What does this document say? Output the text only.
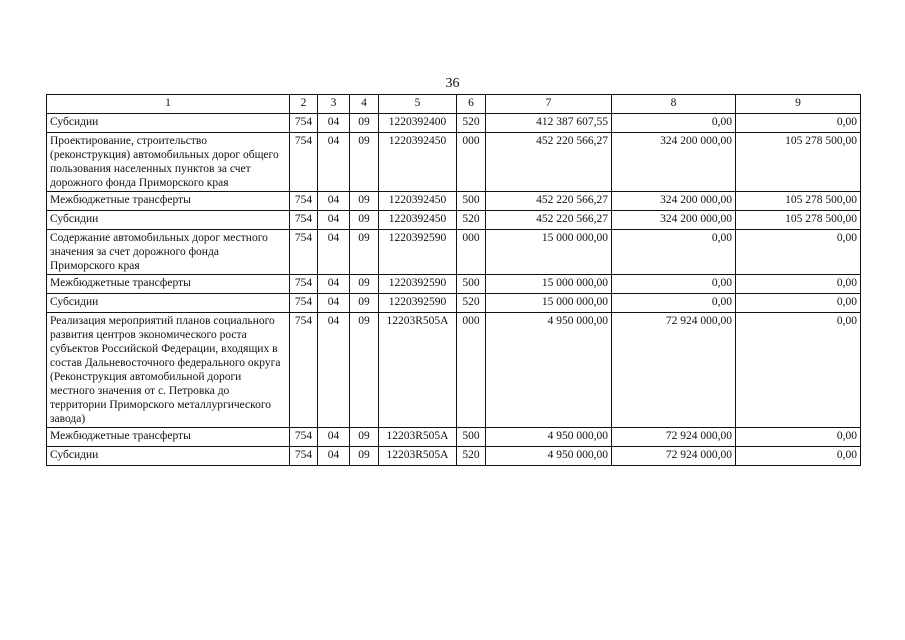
36
1	2	3	4	5	6	7	8	9
Субсидии	754	04	09	1220392400	520	412 387 607,55	0,00	0,00
Проектирование, строительство (реконструкция) автомобильных дорог общего пользования населенных пунктов за счет дорожного фонда Приморского края	754	04	09	1220392450	000	452 220 566,27	324 200 000,00	105 278 500,00
Межбюджетные трансферты	754	04	09	1220392450	500	452 220 566,27	324 200 000,00	105 278 500,00
Субсидии	754	04	09	1220392450	520	452 220 566,27	324 200 000,00	105 278 500,00
Содержание автомобильных дорог местного значения за счет дорожного фонда Приморского края	754	04	09	1220392590	000	15 000 000,00	0,00	0,00
Межбюджетные трансферты	754	04	09	1220392590	500	15 000 000,00	0,00	0,00
Субсидии	754	04	09	1220392590	520	15 000 000,00	0,00	0,00
Реализация мероприятий планов социального развития центров экономического роста субъектов Российской Федерации, входящих в состав Дальневосточного федерального округа (Реконструкция автомобильной дороги местного значения от с. Петровка до территории Приморского металлургического завода)	754	04	09	12203R505A	000	4 950 000,00	72 924 000,00	0,00
Межбюджетные трансферты	754	04	09	12203R505A	500	4 950 000,00	72 924 000,00	0,00
Субсидии	754	04	09	12203R505A	520	4 950 000,00	72 924 000,00	0,00
